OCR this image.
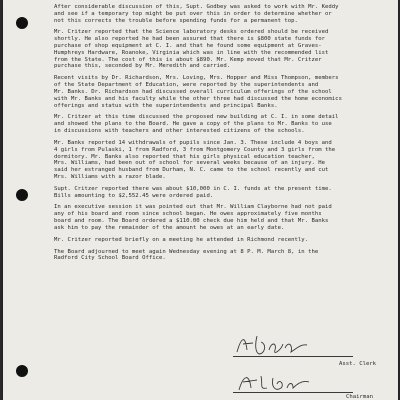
After considerable discussion of this, Supt. Godbey was asked to work with Mr. Keddy
and see if a temporary top might be put over this in order to determine whether or
not this corrects the trouble before spending funds for a permanent top.

Mr. Critzer reported that the Science laboratory desks ordered should be received
shortly. He also reported he had been assured that there is $800 state funds for
purchase of shop equipment at C. I. and that he found some equipment at Graves-
Humphreys Hardware, Roanoke, Virginia which was in line with the recommended list
from the State. The cost of this is about $890. Mr. Kemp moved that Mr. Critzer
purchase this, seconded by Mr. Meredith and carried.

Recent visits by Dr. Richardson, Mrs. Loving, Mrs. Hopper and Miss Thompson, members
of the State Department of Education, were reported by the superintendents and
Mr. Banks. Dr. Richardson had discussed overall curriculum offerings of the school
with Mr. Banks and his faculty while the other three had discussed the home economics
offerings and status with the superintendents and principal Banks.

Mr. Critzer at this time discussed the proposed new building at C. I. in some detail
and showed the plans to the Board. He gave a copy of the plans to Mr. Banks to use
in discussions with teachers and other interested citizens of the schools.

Mr. Banks reported 14 withdrawals of pupils since Jan. 3. These include 4 boys and
4 girls from Pulaski, 1 from Radford, 3 from Montgomery County and 3 girls from the
dormitory. Mr. Banks also reported that his girls physical education teacher,
Mrs. Williams, had been out of school for several weeks because of an injury. He
said her estranged husband from Durham, N. C. came to the school recently and cut
Mrs. Williams with a razor blade.

Supt. Critzer reported there was about $10,000 in C. I. funds at the present time.
Bills amounting to $2,552.45 were ordered paid.

In an executive session it was pointed out that Mr. William Clayborne had not paid
any of his board and room since school began. He owes approximately five months
board and room. The Board ordered a $110.00 check due him held and that Mr. Banks
ask him to pay the remainder of the amount he owes at an early date.

Mr. Critzer reported briefly on a meeting he attended in Richmond recently.

The Board adjourned to meet again Wednesday evening at 8 P. M. March 8, in the
Radford City School Board Office.

Asst. Clerk
Chairman
